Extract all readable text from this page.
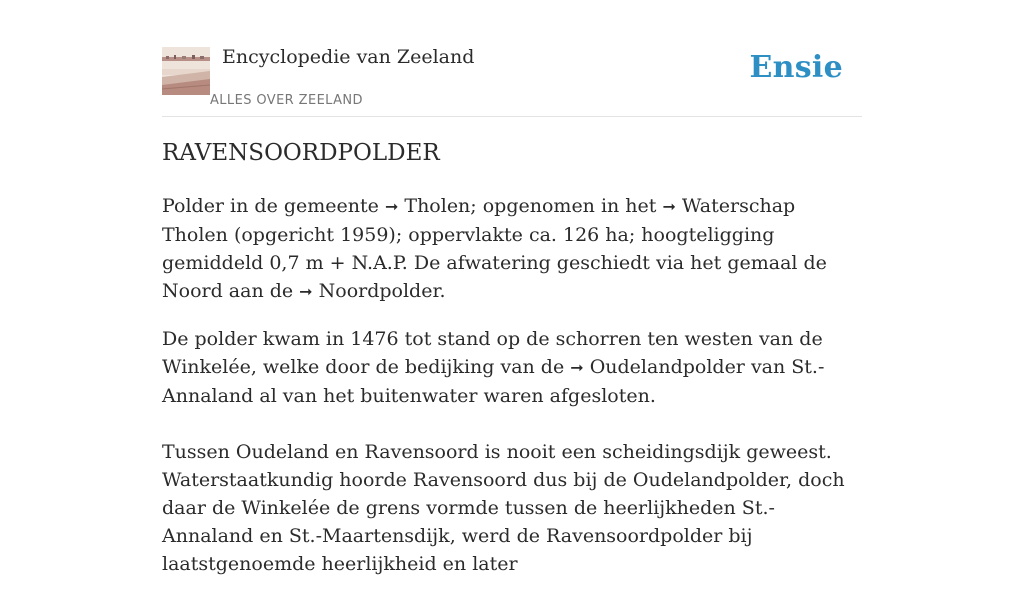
Encyclopedie van Zeeland
ALLES OVER ZEELAND
Ensie
RAVENSOORDPOLDER

Polder in de gemeente ➞ Tholen; opgenomen in het ➞ Waterschap Tholen (opgericht 1959); oppervlakte ca. 126 ha; hoogteligging gemiddeld 0,7 m + N.A.P. De afwatering geschiedt via het gemaal de Noord aan de ➞ Noordpolder.

De polder kwam in 1476 tot stand op de schorren ten westen van de Winkelée, welke door de bedijking van de ➞ Oudelandpolder van St.-Annaland al van het buitenwater waren afgesloten.

Tussen Oudeland en Ravensoord is nooit een scheidingsdijk geweest. Waterstaatkundig hoorde Ravensoord dus bij de Oudelandpolder, doch daar de Winkelée de grens vormde tussen de heerlijkheden St.-Annaland en St.-Maartensdijk, werd de Ravensoordpolder bij laatstgenoemde heerlijkheid en later
